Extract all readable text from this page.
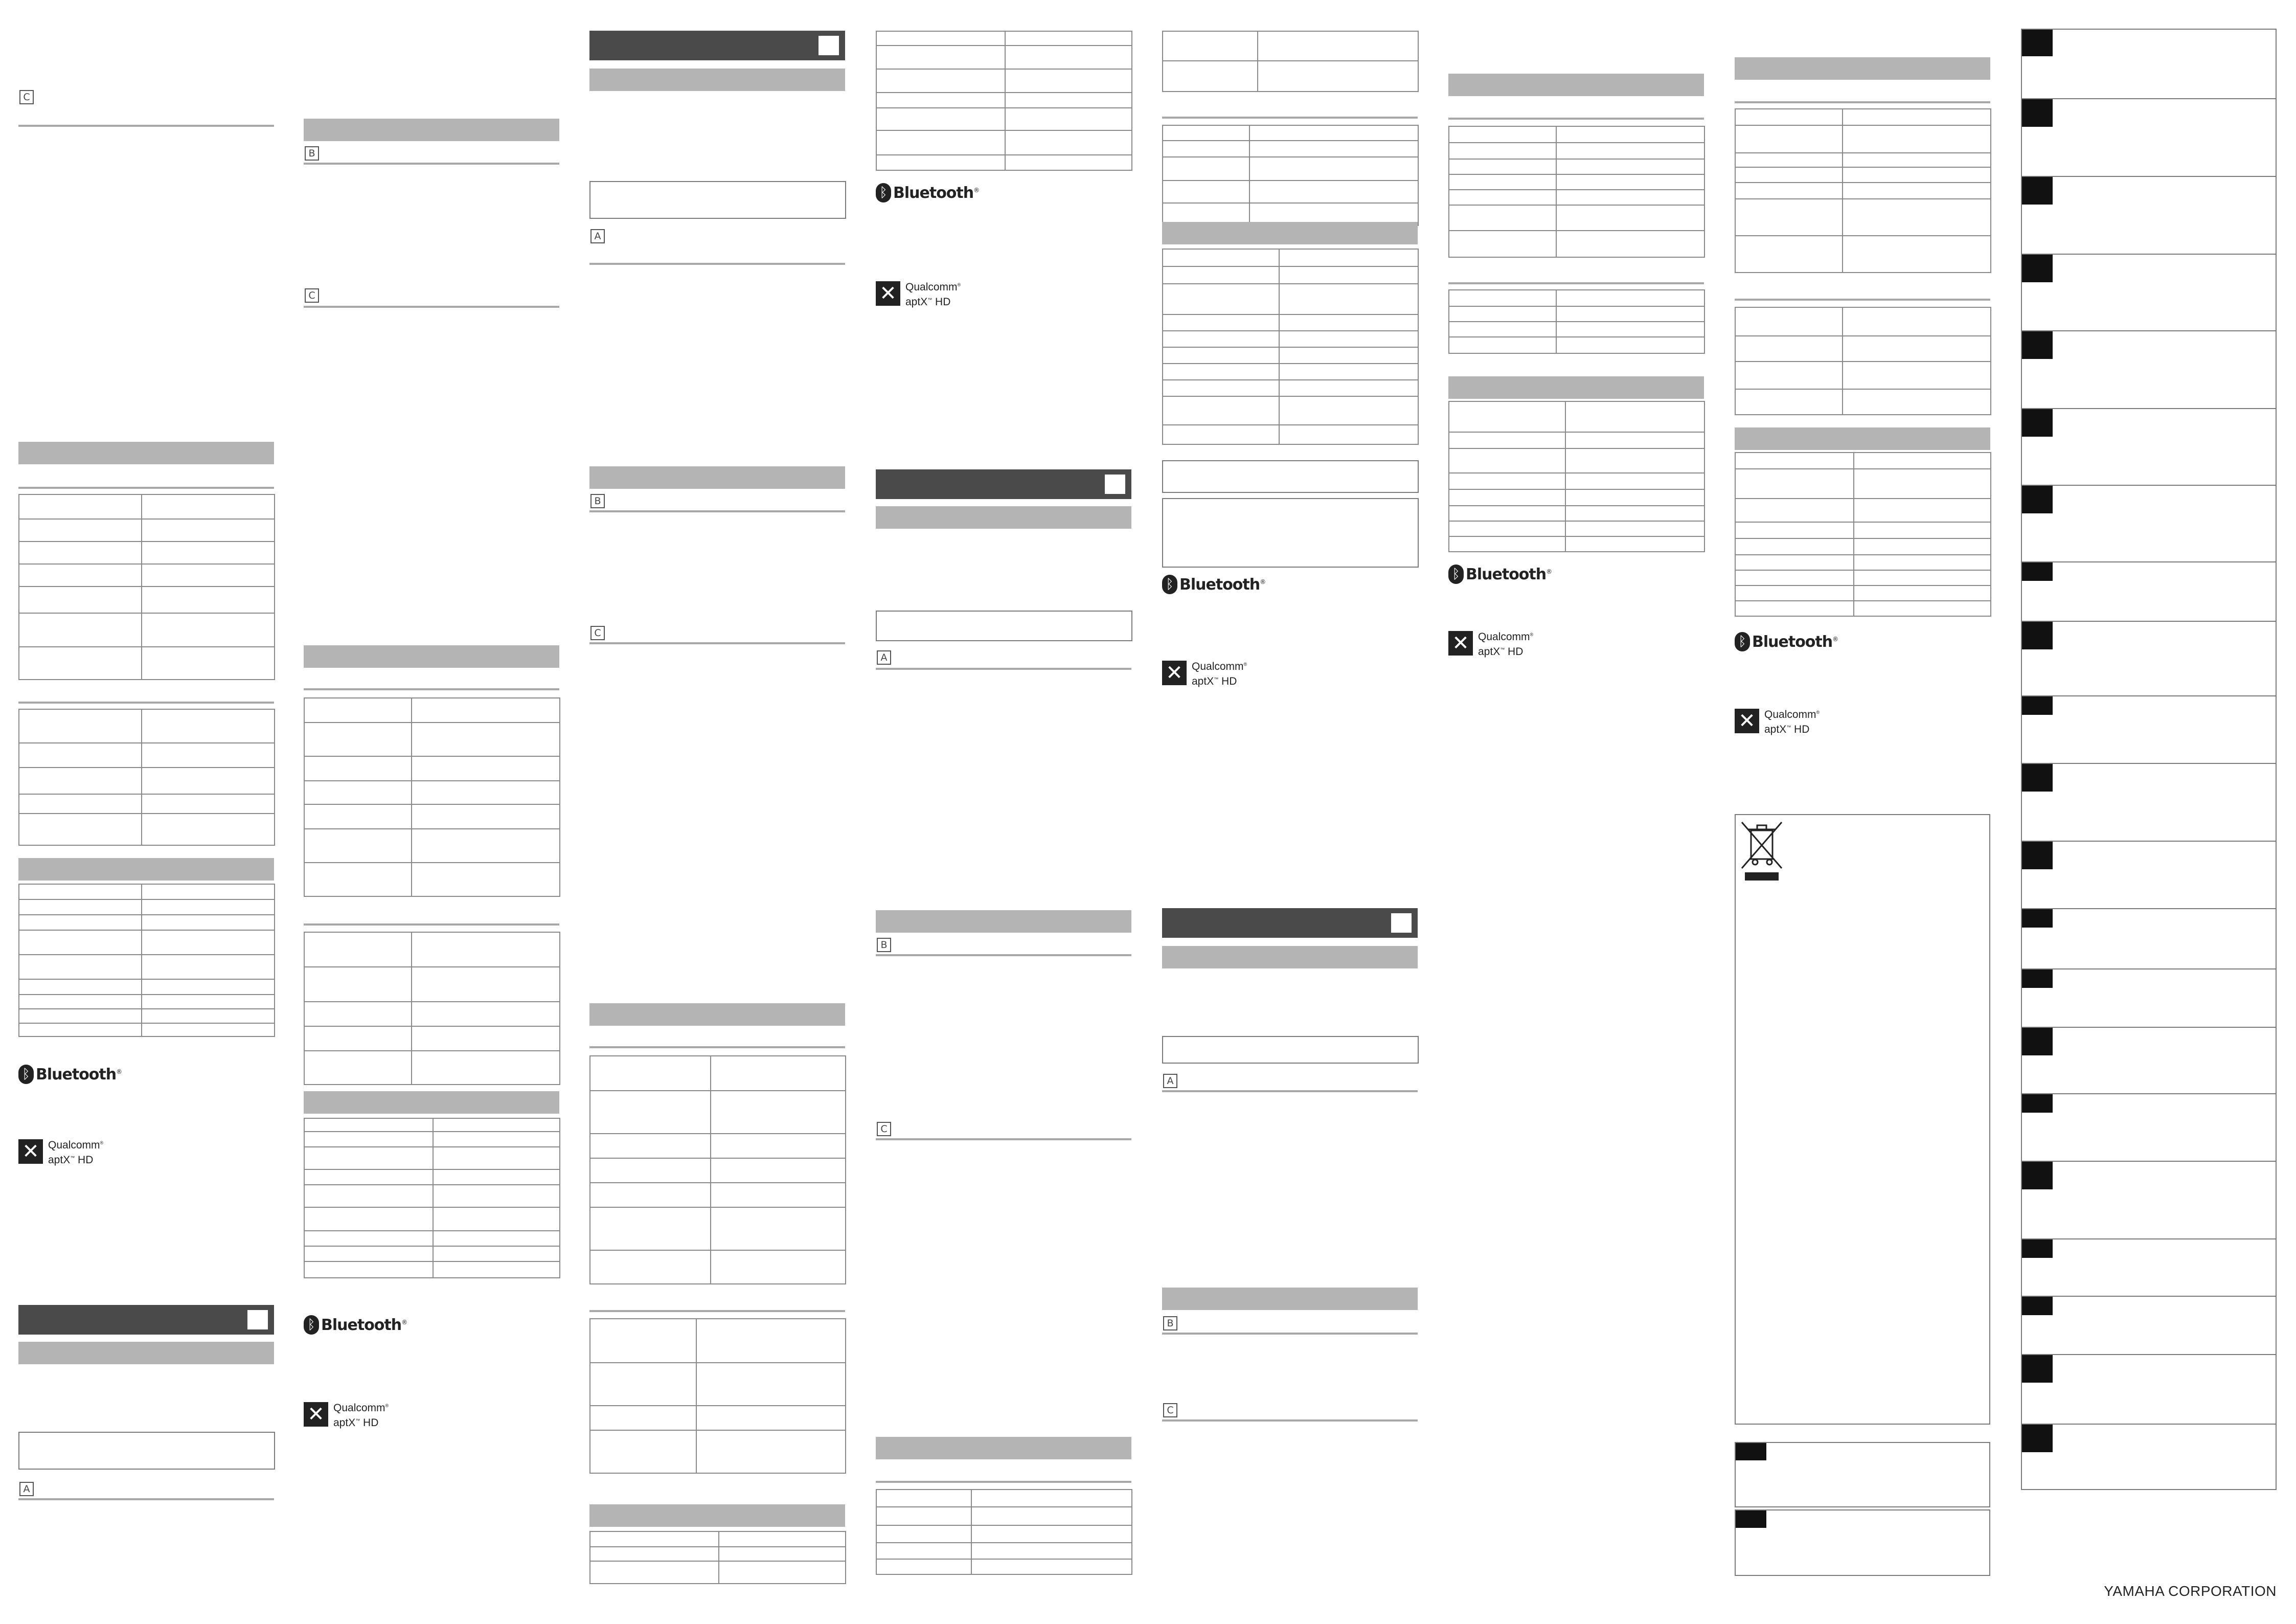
C

ᛒ Bluetooth®
✕ Qualcomm®
aptX™ HD
A
B
C

ᛒ Bluetooth®
✕ Qualcomm®
aptX™ HD
A
B
C

ᛒ Bluetooth®
✕ Qualcomm®
aptX™ HD
A
B
C

ᛒ Bluetooth®
✕ Qualcomm®
aptX™ HD
A
B
C

ᛒ Bluetooth®
✕ Qualcomm®
aptX™ HD

ᛒ Bluetooth®
✕ Qualcomm®
aptX™ HD
YAMAHA CORPORATION
